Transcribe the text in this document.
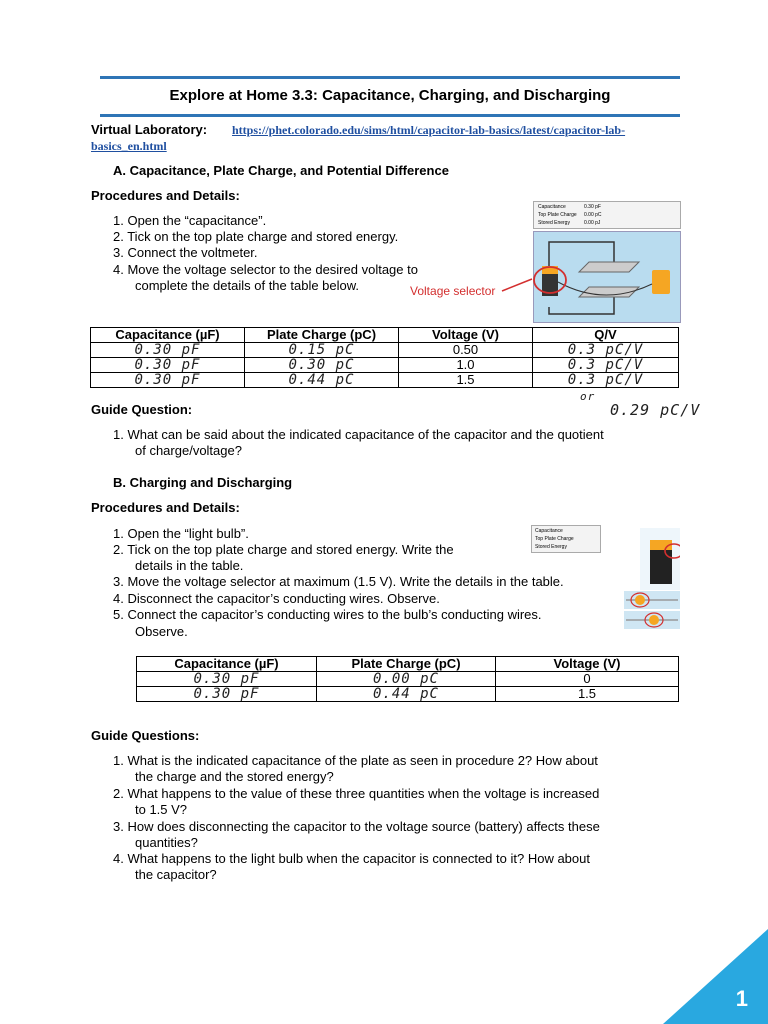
Explore at Home 3.3: Capacitance, Charging, and Discharging
Virtual Laboratory: https://phet.colorado.edu/sims/html/capacitor-lab-basics/latest/capacitor-lab-
basics_en.html
A. Capacitance, Plate Charge, and Potential Difference
Procedures and Details:
1. Open the “capacitance”.
2. Tick on the top plate charge and stored energy.
3. Connect the voltmeter.
4. Move the voltage selector to the desired voltage to
complete the details of the table below.
Capacitance
Top Plate Charge
Stored Energy
0.30 pF
0.00 pC
0.00 pJ
Voltage selector
Capacitance (µF)	Plate Charge (pC)	Voltage (V)	Q/V
0.30 pF	0.15 pC	0.50	0.3 pC/V
0.30 pF	0.30 pC	1.0	0.3 pC/V
0.30 pF	0.44 pC	1.5	0.3 pC/V
or
0.29 pC/V
Guide Question:
1. What can be said about the indicated capacitance of the capacitor and the quotient
of charge/voltage?
B. Charging and Discharging
Procedures and Details:
1. Open the “light bulb”.
2. Tick on the top plate charge and stored energy. Write the
details in the table.
3. Move the voltage selector at maximum (1.5 V). Write the details in the table.
4. Disconnect the capacitor’s conducting wires. Observe.
5. Connect the capacitor’s conducting wires to the bulb’s conducting wires.
Observe.
Capacitance
Top Plate Charge
Stored Energy
Capacitance (µF)	Plate Charge (pC)	Voltage (V)
0.30 pF	0.00 pC	0
0.30 pF	0.44 pC	1.5
Guide Questions:
1. What is the indicated capacitance of the plate as seen in procedure 2? How about
the charge and the stored energy?
2. What happens to the value of these three quantities when the voltage is increased
to 1.5 V?
3. How does disconnecting the capacitor to the voltage source (battery) affects these
quantities?
4. What happens to the light bulb when the capacitor is connected to it? How about
the capacitor?
1
